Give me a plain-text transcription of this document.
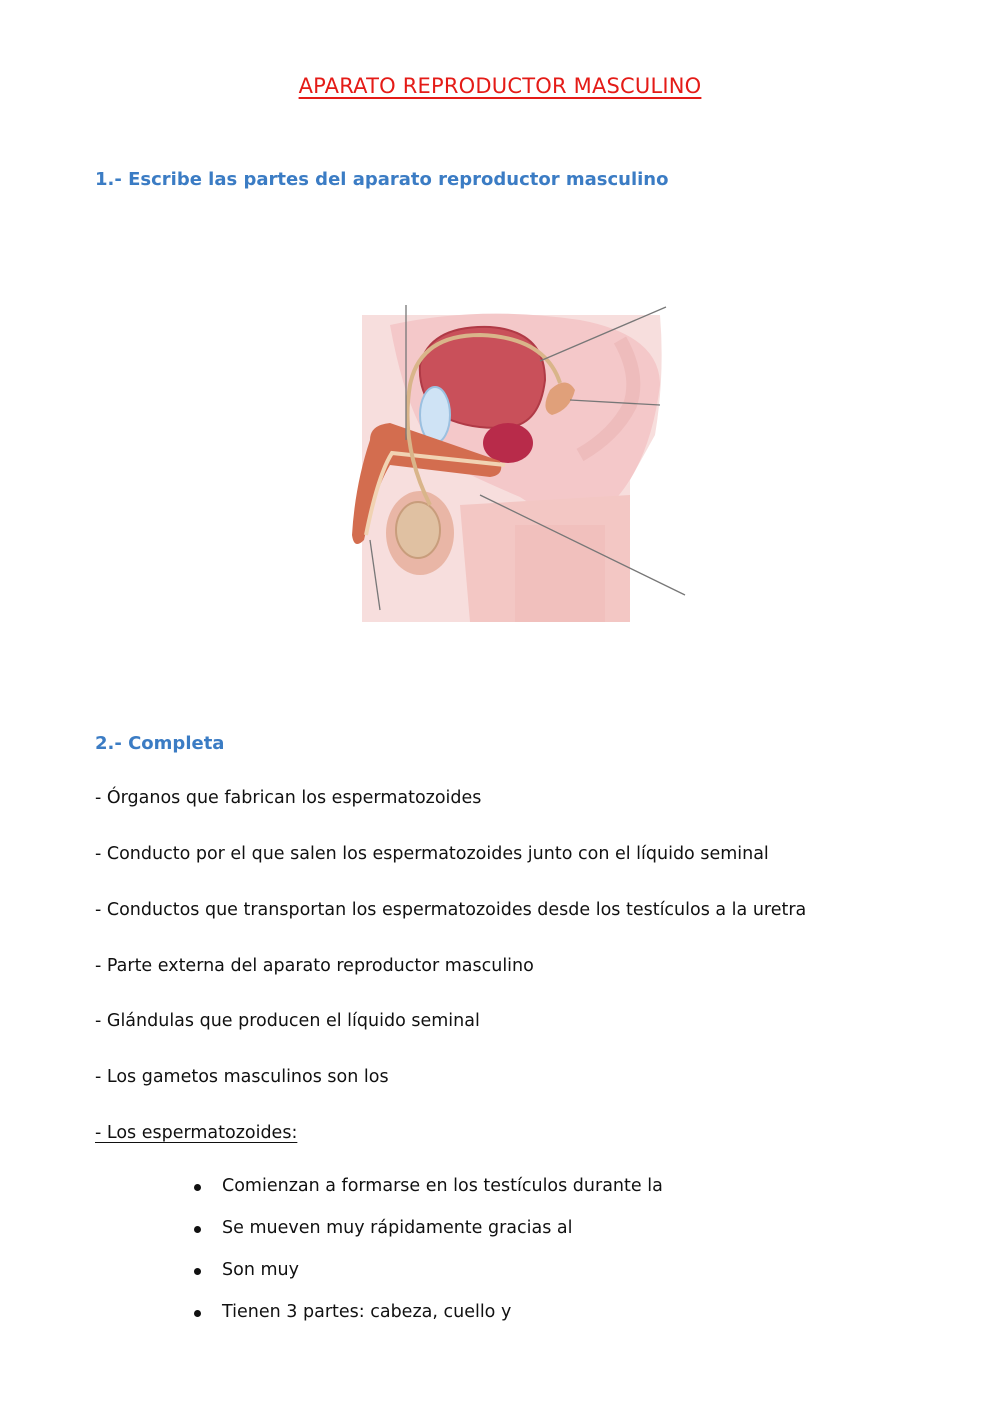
APARATO REPRODUCTOR MASCULINO
1.- Escribe las partes del aparato reproductor masculino
2.- Completa
- Órganos que fabrican los espermatozoides
- Conducto por el que salen los espermatozoides junto con el líquido seminal
- Conductos que transportan los espermatozoides desde los testículos a la uretra
- Parte externa del aparato reproductor masculino
- Glándulas que producen el líquido seminal
- Los gametos masculinos son los
- Los espermatozoides:
Comienzan a formarse en los testículos durante la
Se mueven muy rápidamente gracias al
Son muy
Tienen 3 partes: cabeza, cuello y
